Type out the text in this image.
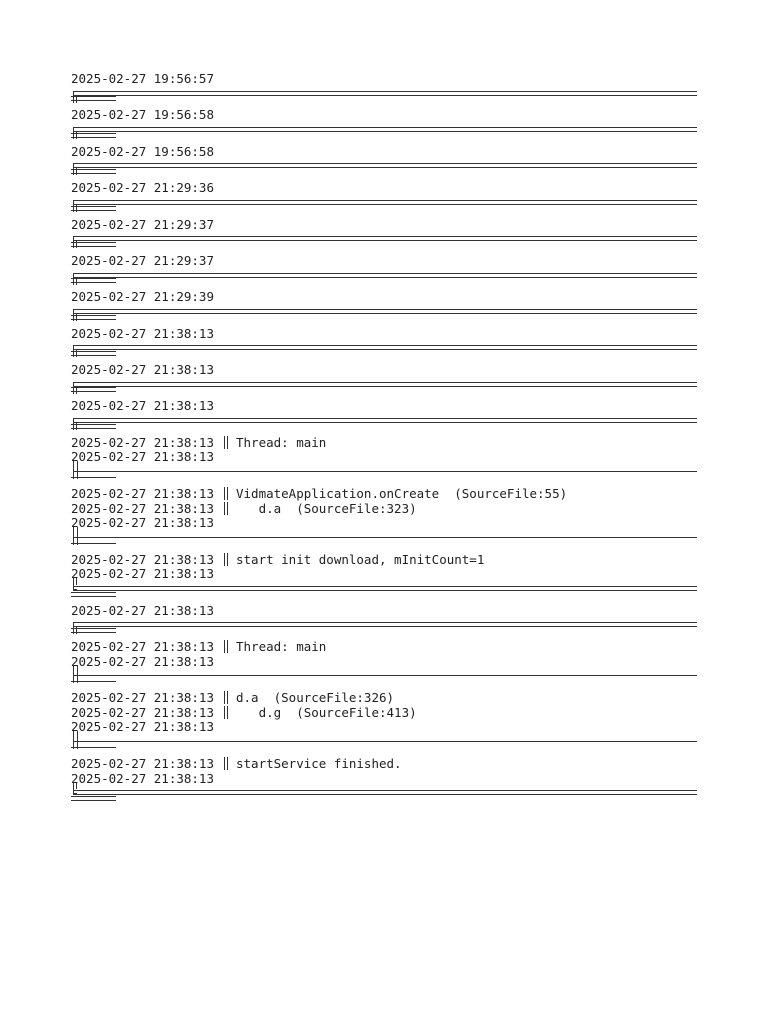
2025-02-27 19:56:57
2025-02-27 19:56:58
2025-02-27 19:56:58
2025-02-27 21:29:36
2025-02-27 21:29:37
2025-02-27 21:29:37
2025-02-27 21:29:39
2025-02-27 21:38:13
2025-02-27 21:38:13
2025-02-27 21:38:13
2025-02-27 21:38:13 Thread: main
2025-02-27 21:38:13
2025-02-27 21:38:13 VidmateApplication.onCreate  (SourceFile:55)
2025-02-27 21:38:13   d.a  (SourceFile:323)
2025-02-27 21:38:13
2025-02-27 21:38:13 start init download, mInitCount=1
2025-02-27 21:38:13
2025-02-27 21:38:13
2025-02-27 21:38:13 Thread: main
2025-02-27 21:38:13
2025-02-27 21:38:13 d.a  (SourceFile:326)
2025-02-27 21:38:13   d.g  (SourceFile:413)
2025-02-27 21:38:13
2025-02-27 21:38:13 startService finished.
2025-02-27 21:38:13
